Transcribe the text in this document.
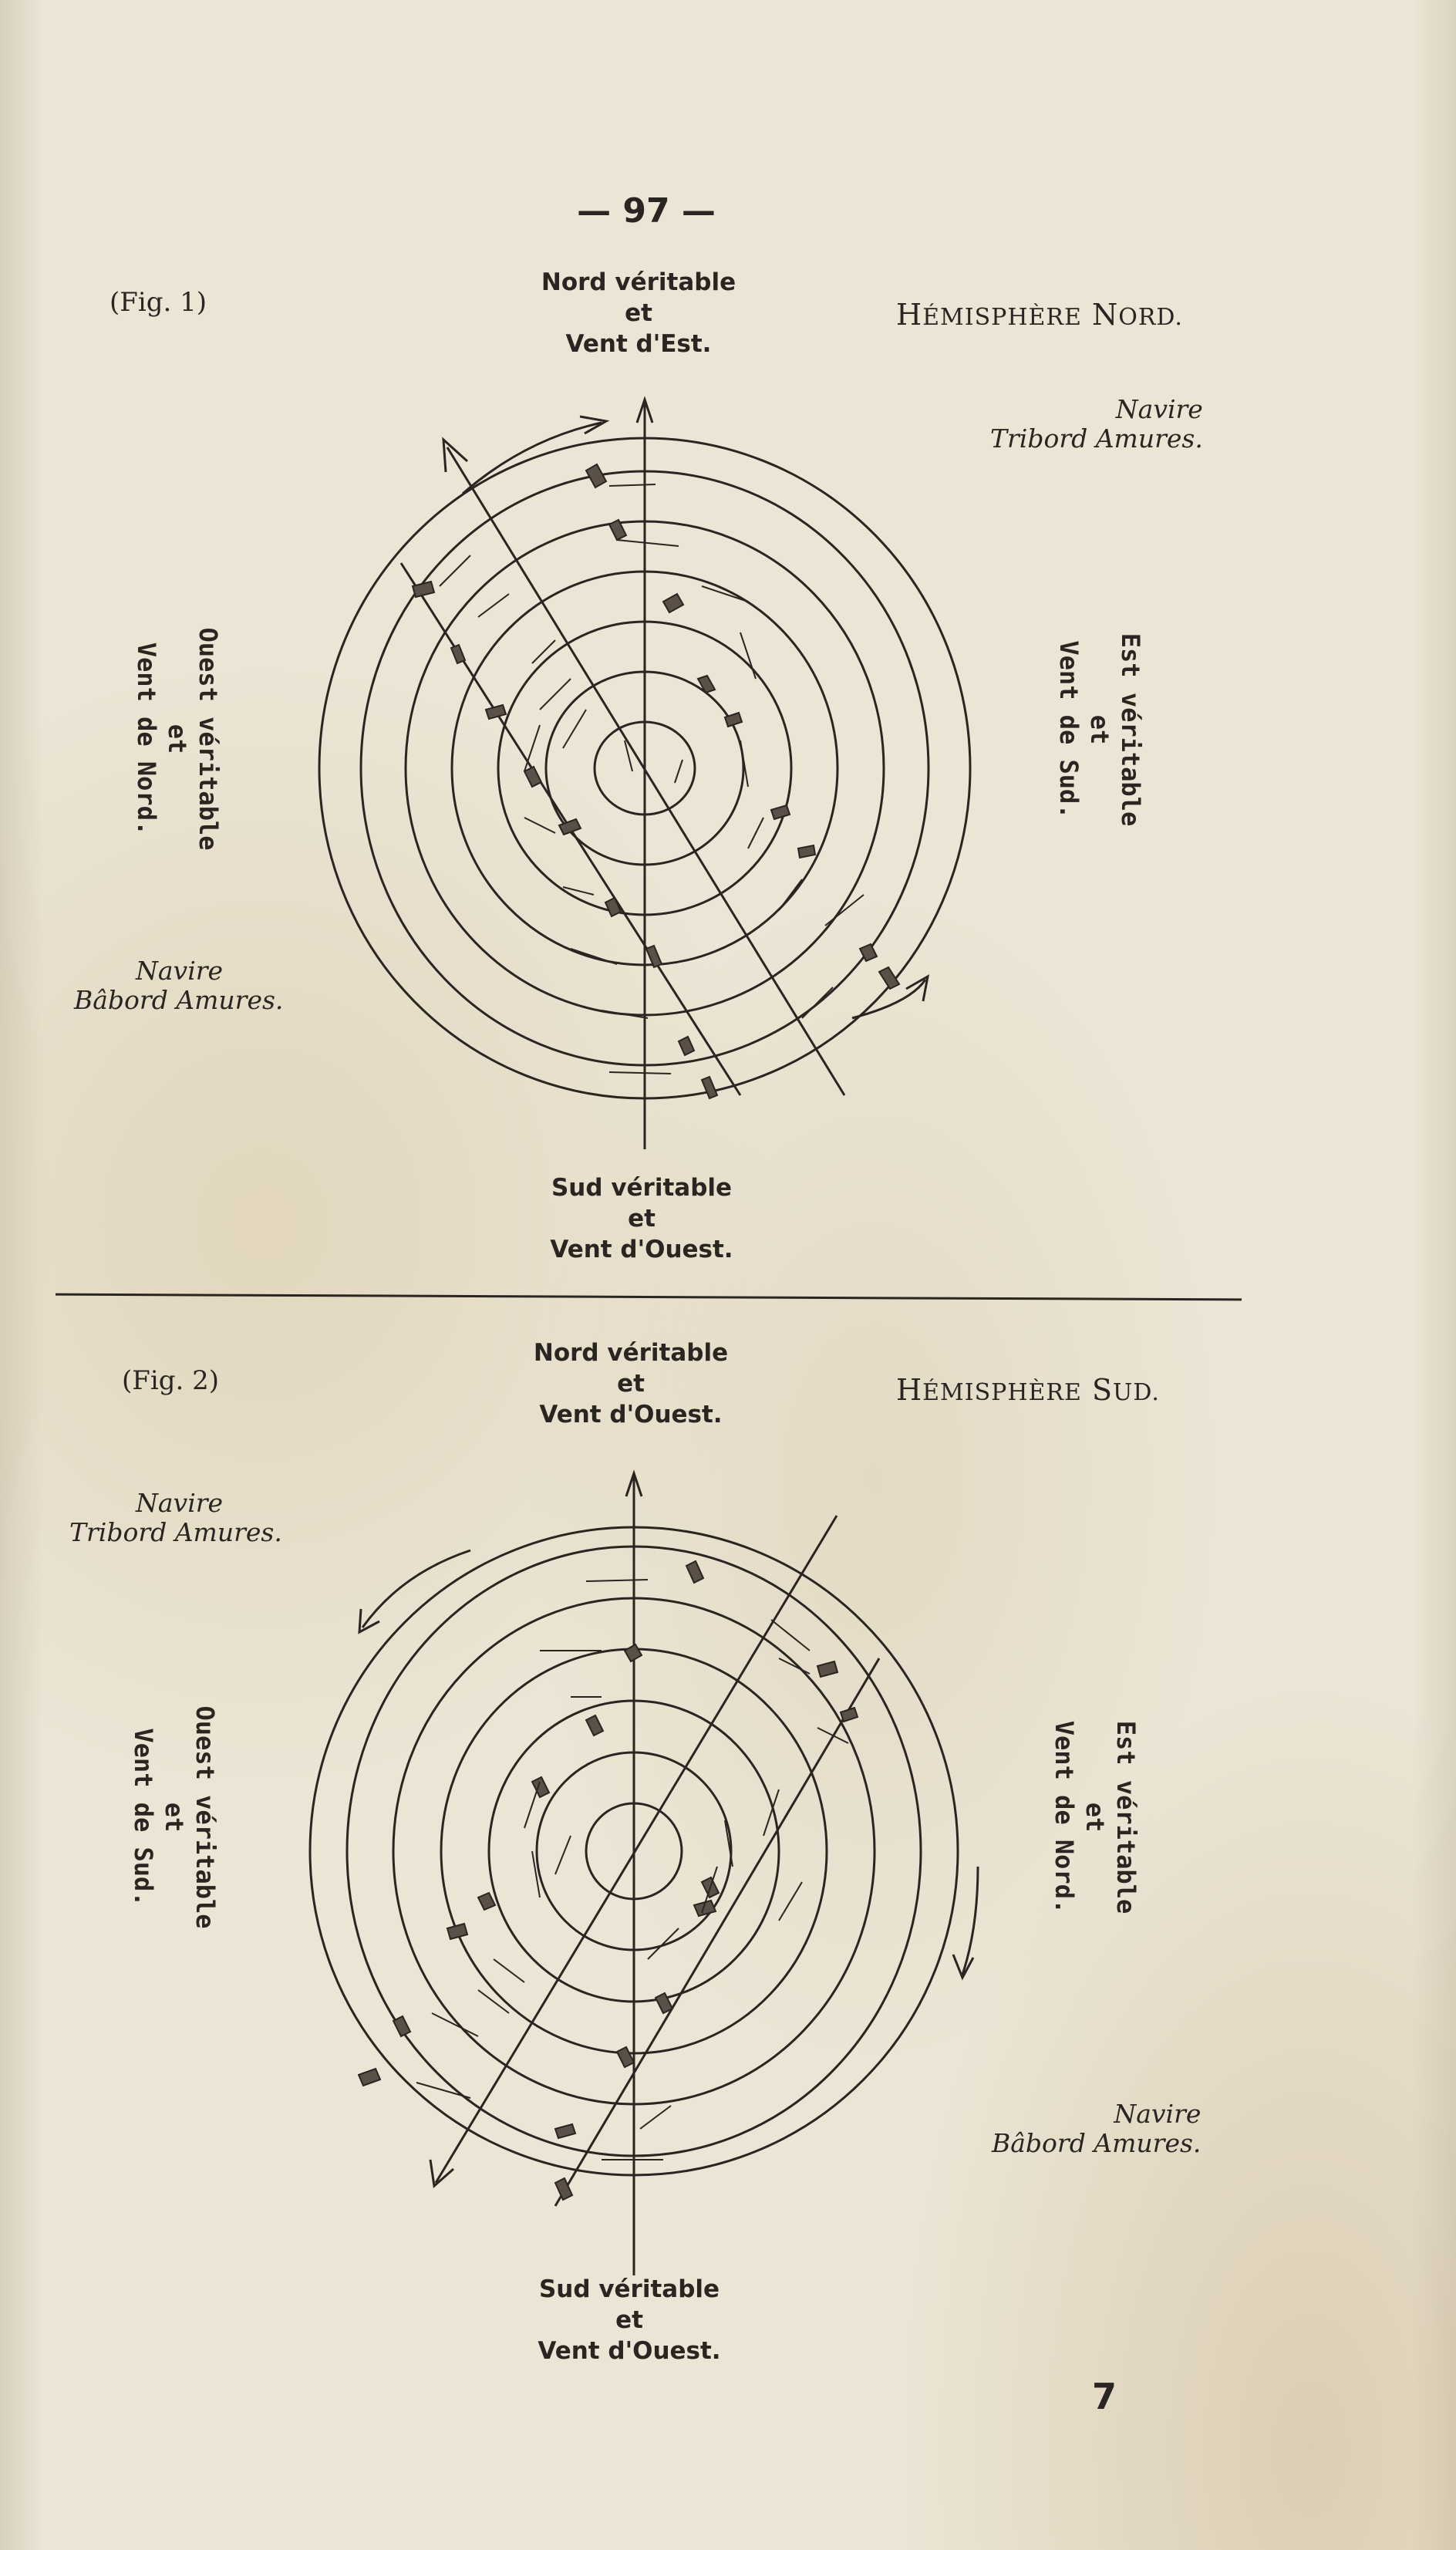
— 97 —
(Fig. 1)	HÉMISPHÈRE NORD.
Nord véritable
et
Vent d'Est.
Sud véritable
et
Vent d'Ouest.
Est véritable
et
Vent de Sud.
Ouest véritable
et
Vent de Nord.
Navire
Tribord Amures.
Navire
Bâbord Amures.
(Fig. 2)	HÉMISPHÈRE SUD.
Nord véritable
et
Vent d'Ouest.
Sud véritable
et
Vent d'Ouest.
Est véritable
et
Vent de Nord.
Ouest véritable
et
Vent de Sud.
Navire
Tribord Amures.
Navire
Bâbord Amures.
7
